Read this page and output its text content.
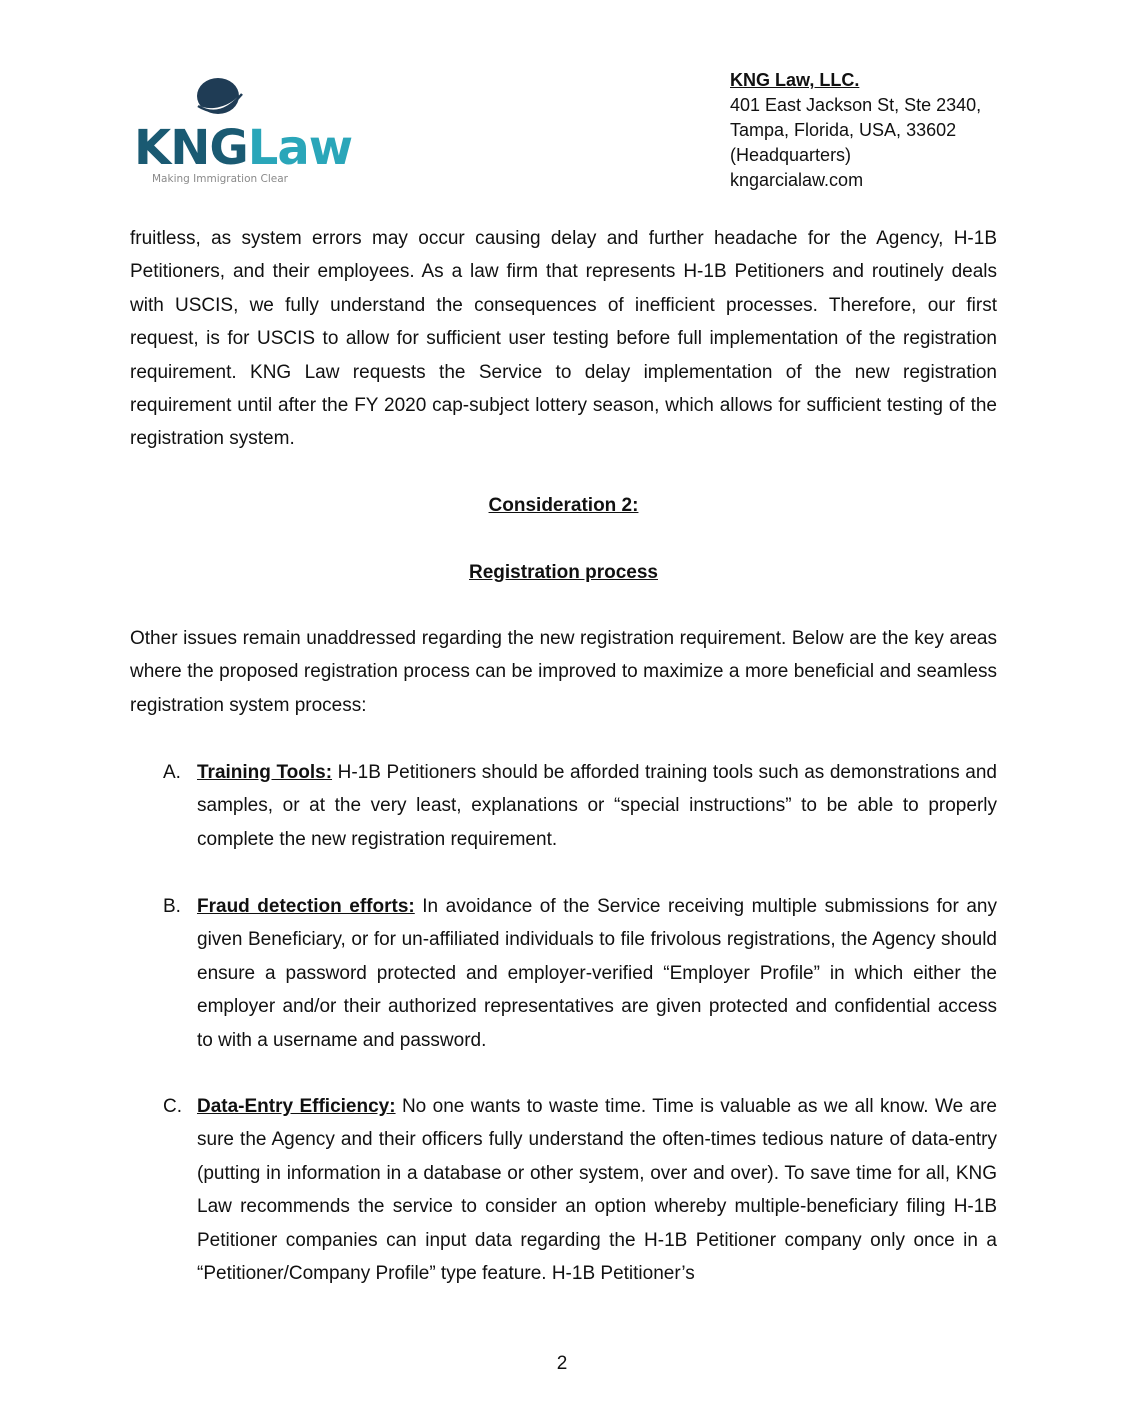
KNGLaw
Making Immigration Clear
KNG Law, LLC.
401 East Jackson St, Ste 2340,
Tampa, Florida, USA, 33602
(Headquarters)
kngarcialaw.com
fruitless, as system errors may occur causing delay and further headache for the Agency, H-1B Petitioners, and their employees. As a law firm that represents H-1B Petitioners and routinely deals with USCIS, we fully understand the consequences of inefficient processes. Therefore, our first request, is for USCIS to allow for sufficient user testing before full implementation of the registration requirement. KNG Law requests the Service to delay implementation of the new registration requirement until after the FY 2020 cap-subject lottery season, which allows for sufficient testing of the registration system.
Consideration 2:
Registration process
Other issues remain unaddressed regarding the new registration requirement. Below are the key areas where the proposed registration process can be improved to maximize a more beneficial and seamless registration system process:
A. Training Tools: H-1B Petitioners should be afforded training tools such as demonstrations and samples, or at the very least, explanations or “special instructions” to be able to properly complete the new registration requirement.
B. Fraud detection efforts: In avoidance of the Service receiving multiple submissions for any given Beneficiary, or for un-affiliated individuals to file frivolous registrations, the Agency should ensure a password protected and employer-verified “Employer Profile” in which either the employer and/or their authorized representatives are given protected and confidential access to with a username and password.
C. Data-Entry Efficiency: No one wants to waste time. Time is valuable as we all know. We are sure the Agency and their officers fully understand the often-times tedious nature of data-entry (putting in information in a database or other system, over and over). To save time for all, KNG Law recommends the service to consider an option whereby multiple-beneficiary filing H-1B Petitioner companies can input data regarding the H-1B Petitioner company only once in a “Petitioner/Company Profile” type feature. H-1B Petitioner’s
2
